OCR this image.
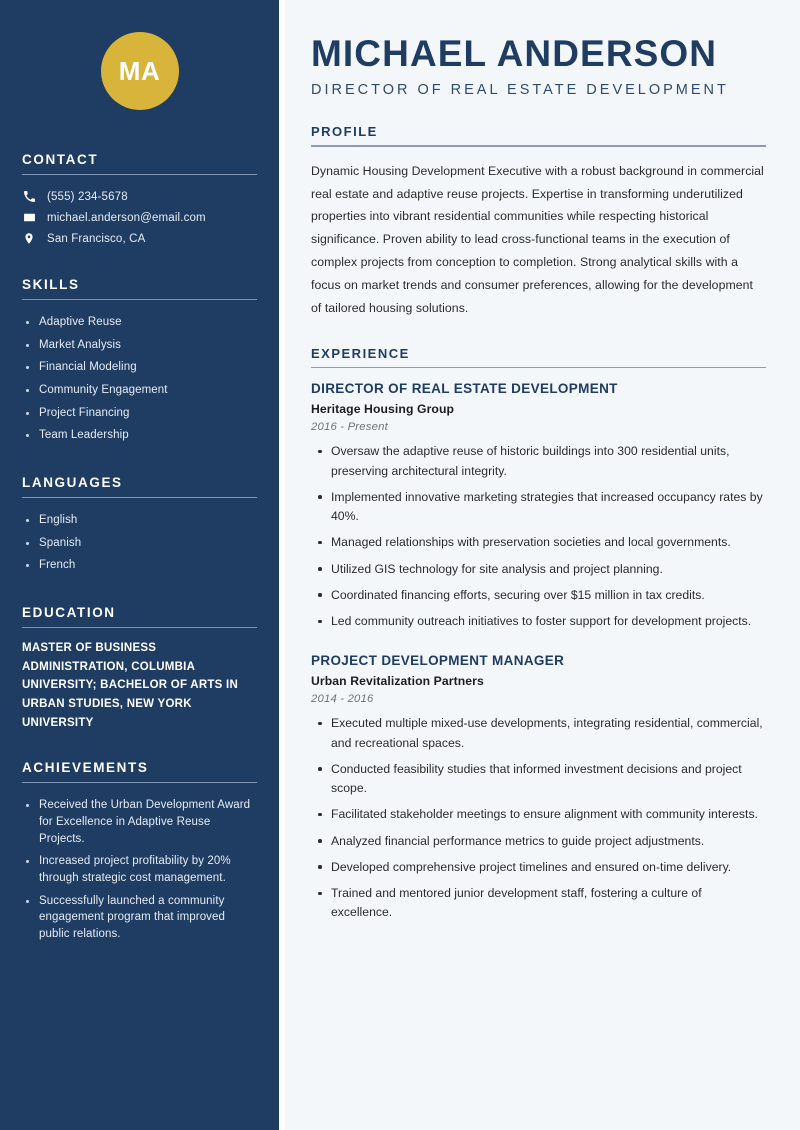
MA
CONTACT
(555) 234-5678
michael.anderson@email.com
San Francisco, CA
SKILLS
Adaptive Reuse
Market Analysis
Financial Modeling
Community Engagement
Project Financing
Team Leadership
LANGUAGES
English
Spanish
French
EDUCATION
MASTER OF BUSINESS ADMINISTRATION, COLUMBIA UNIVERSITY; BACHELOR OF ARTS IN URBAN STUDIES, NEW YORK UNIVERSITY
ACHIEVEMENTS
Received the Urban Development Award for Excellence in Adaptive Reuse Projects.
Increased project profitability by 20% through strategic cost management.
Successfully launched a community engagement program that improved public relations.
MICHAEL ANDERSON
DIRECTOR OF REAL ESTATE DEVELOPMENT
PROFILE

Dynamic Housing Development Executive with a robust background in commercial real estate and adaptive reuse projects. Expertise in transforming underutilized properties into vibrant residential communities while respecting historical significance. Proven ability to lead cross-functional teams in the execution of complex projects from conception to completion. Strong analytical skills with a focus on market trends and consumer preferences, allowing for the development of tailored housing solutions.

EXPERIENCE
DIRECTOR OF REAL ESTATE DEVELOPMENT
Heritage Housing Group
2016 - Present
Oversaw the adaptive reuse of historic buildings into 300 residential units, preserving architectural integrity.
Implemented innovative marketing strategies that increased occupancy rates by 40%.
Managed relationships with preservation societies and local governments.
Utilized GIS technology for site analysis and project planning.
Coordinated financing efforts, securing over $15 million in tax credits.
Led community outreach initiatives to foster support for development projects.
PROJECT DEVELOPMENT MANAGER
Urban Revitalization Partners
2014 - 2016
Executed multiple mixed-use developments, integrating residential, commercial, and recreational spaces.
Conducted feasibility studies that informed investment decisions and project scope.
Facilitated stakeholder meetings to ensure alignment with community interests.
Analyzed financial performance metrics to guide project adjustments.
Developed comprehensive project timelines and ensured on-time delivery.
Trained and mentored junior development staff, fostering a culture of excellence.
